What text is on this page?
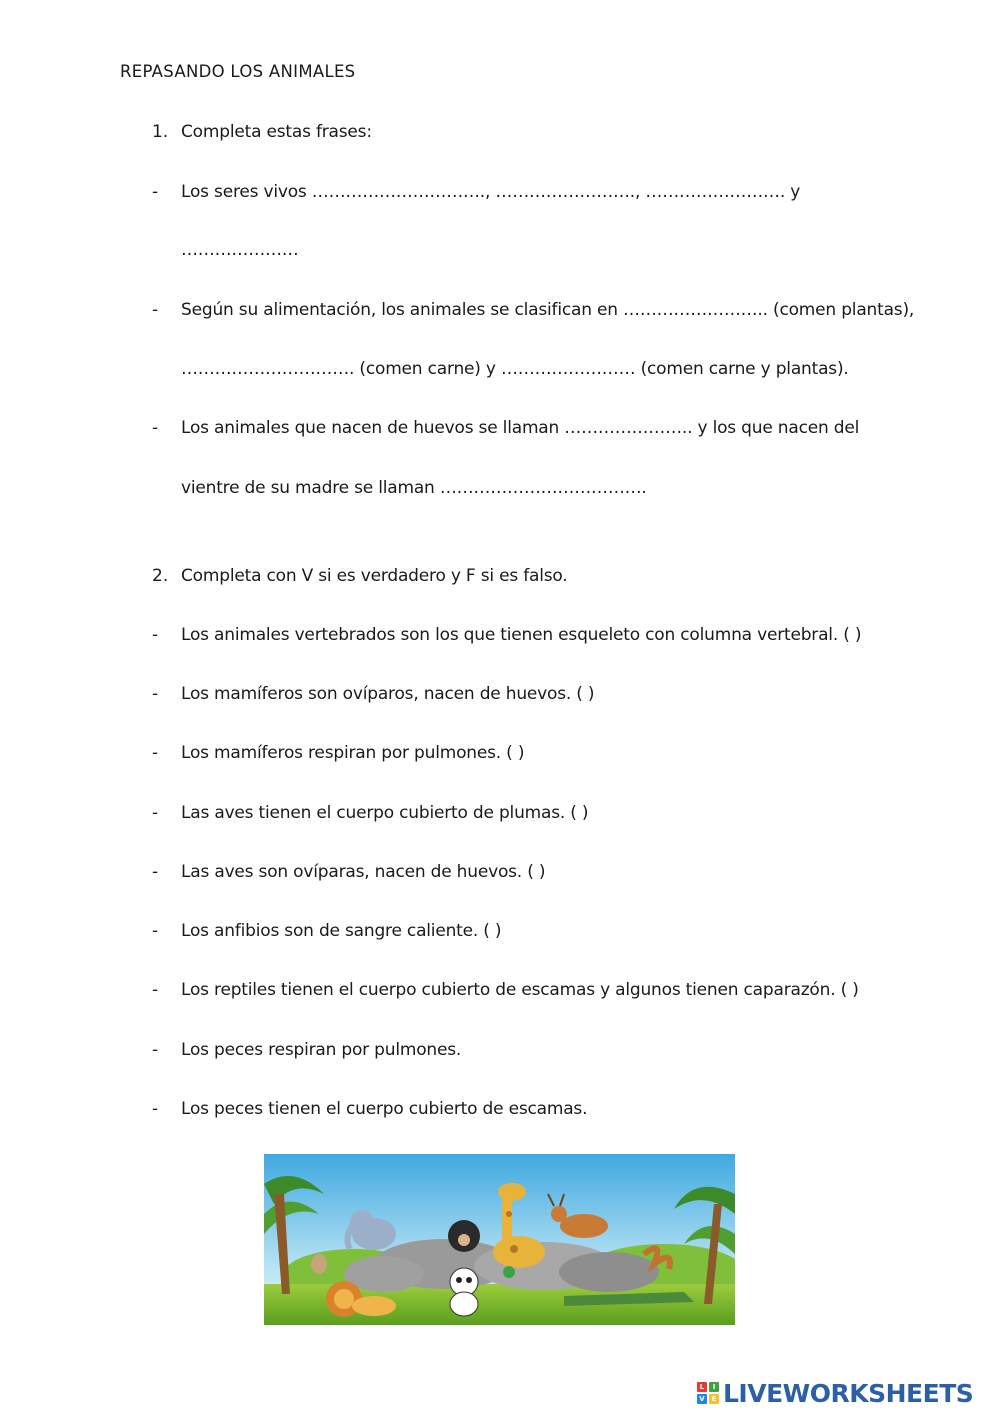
REPASANDO LOS ANIMALES
1. Completa estas frases:
- Los seres vivos …………………………., ……………………., ……………………. y
…………………
- Según su alimentación, los animales se clasifican en …………………….. (comen plantas),
…………………………. (comen carne) y …………………… (comen carne y plantas).
- Los animales que nacen de huevos se llaman ………………….. y los que nacen del
vientre de su madre se llaman ……………………………….
2. Completa con V si es verdadero y F si es falso.
- Los animales vertebrados son los que tienen esqueleto con columna vertebral. ( )
- Los mamíferos son ovíparos, nacen de huevos. ( )
- Los mamíferos respiran por pulmones. ( )
- Las aves tienen el cuerpo cubierto de plumas. ( )
- Las aves son ovíparas, nacen de huevos. ( )
- Los anfibios son de sangre caliente. ( )
- Los reptiles tienen el cuerpo cubierto de escamas y algunos tienen caparazón. ( )
- Los peces respiran por pulmones.
- Los peces tienen el cuerpo cubierto de escamas.
L	I
V E LIVEWORKSHEETS
